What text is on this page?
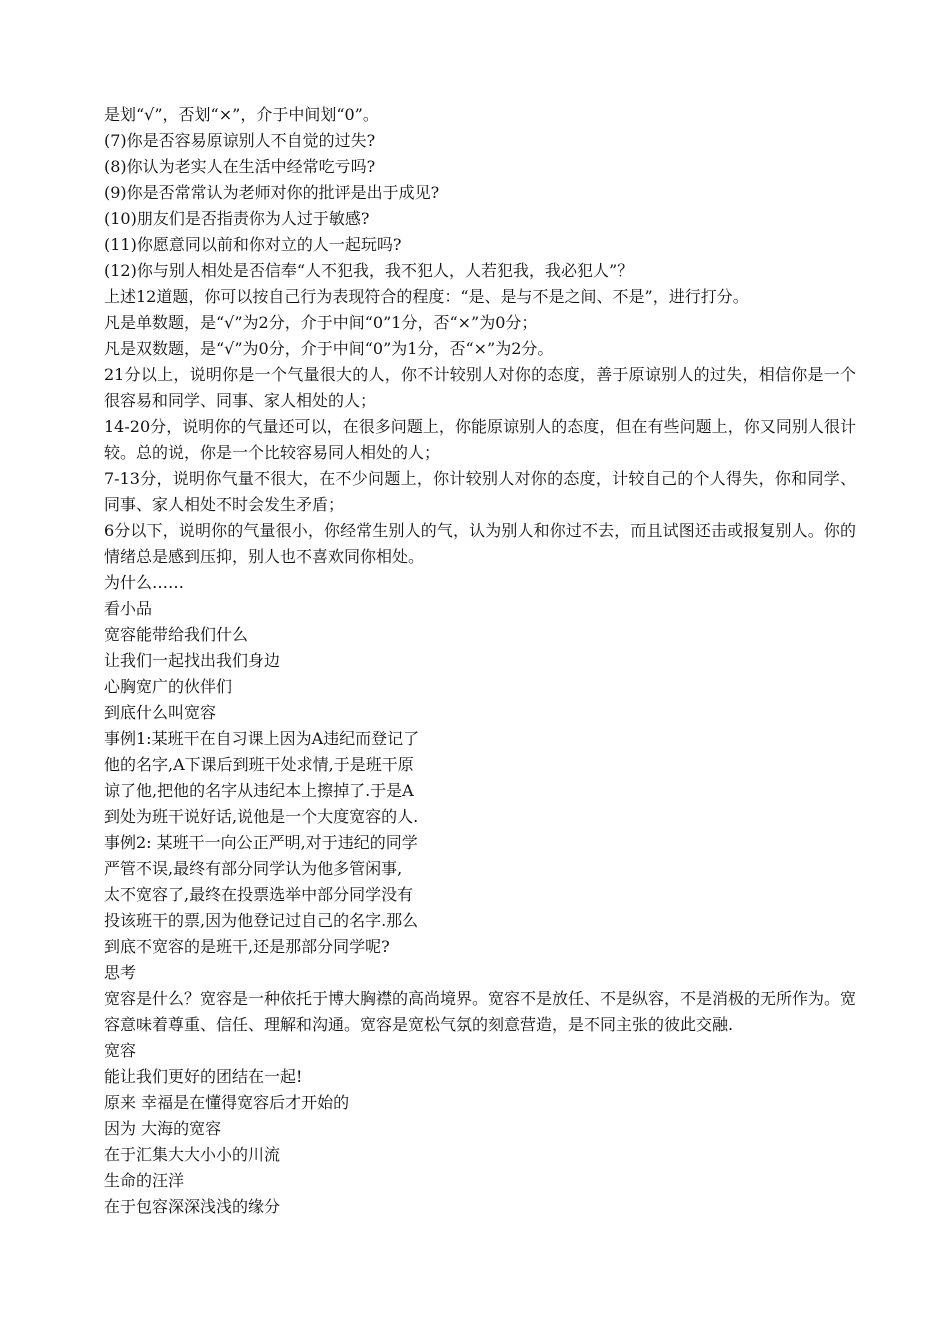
是划“√”，否划“×”，介于中间划“0”。
(7)你是否容易原谅别人不自觉的过失?
(8)你认为老实人在生活中经常吃亏吗?
(9)你是否常常认为老师对你的批评是出于成见?
(10)朋友们是否指责你为人过于敏感?
(11)你愿意同以前和你对立的人一起玩吗?
(12)你与别人相处是否信奉“人不犯我，我不犯人，人若犯我，我必犯人”？
上述12道题，你可以按自己行为表现符合的程度：“是、是与不是之间、不是”，进行打分。
凡是单数题，是“√”为2分，介于中间“0”1分，否“×”为0分；
凡是双数题，是“√”为0分，介于中间“0”为1分，否“×”为2分。
21分以上，说明你是一个气量很大的人，你不计较别人对你的态度，善于原谅别人的过失，相信你是一个很容易和同学、同事、家人相处的人；
14-20分，说明你的气量还可以，在很多问题上，你能原谅别人的态度，但在有些问题上，你又同别人很计较。总的说，你是一个比较容易同人相处的人；
7-13分，说明你气量不很大，在不少问题上，你计较别人对你的态度，计较自己的个人得失，你和同学、同事、家人相处不时会发生矛盾；
6分以下，说明你的气量很小，你经常生别人的气，认为别人和你过不去，而且试图还击或报复别人。你的情绪总是感到压抑，别人也不喜欢同你相处。
为什么……
看小品
宽容能带给我们什么
让我们一起找出我们身边
心胸宽广的伙伴们
到底什么叫宽容
事例1:某班干在自习课上因为A违纪而登记了
他的名字,A下课后到班干处求情,于是班干原
谅了他,把他的名字从违纪本上擦掉了.于是A
到处为班干说好话,说他是一个大度宽容的人.
事例2: 某班干一向公正严明,对于违纪的同学
严管不误,最终有部分同学认为他多管闲事,
太不宽容了,最终在投票选举中部分同学没有
投该班干的票,因为他登记过自己的名字.那么
到底不宽容的是班干,还是那部分同学呢?
思考
宽容是什么？宽容是一种依托于博大胸襟的高尚境界。宽容不是放任、不是纵容，不是消极的无所作为。宽容意味着尊重、信任、理解和沟通。宽容是宽松气氛的刻意营造，是不同主张的彼此交融.
宽容
能让我们更好的团结在一起!
原来 幸福是在懂得宽容后才开始的
因为 大海的宽容
在于汇集大大小小的川流
生命的汪洋
在于包容深深浅浅的缘分
